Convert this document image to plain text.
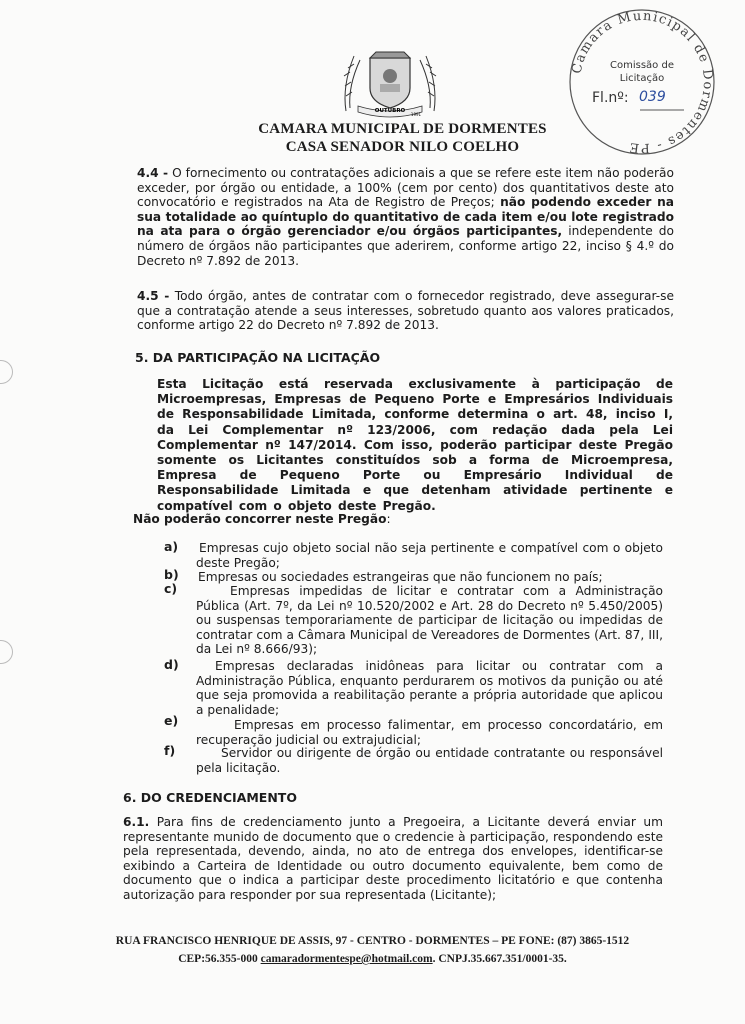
OUTUBRO
1991
CAMARA MUNICIPAL DE DORMENTES
CASA SENADOR NILO COELHO
Camara Municipal de Dormentes - PE
Comissão de
Licitação
Fl.nº: 039
4.4 - O fornecimento ou contratações adicionais a que se refere este item não poderão exceder, por órgão ou entidade, a 100% (cem por cento) dos quantitativos deste ato convocatório e registrados na Ata de Registro de Preços; não podendo exceder na sua totalidade ao quíntuplo do quantitativo de cada item e/ou lote registrado na ata para o órgão gerenciador e/ou órgãos participantes, independente do número de órgãos não participantes que aderirem, conforme artigo 22, inciso § 4.º do Decreto nº 7.892 de 2013.
4.5 - Todo órgão, antes de contratar com o fornecedor registrado, deve assegurar-se que a contratação atende a seus interesses, sobretudo quanto aos valores praticados, conforme artigo 22 do Decreto nº 7.892 de 2013.
5. DA PARTICIPAÇÃO NA LICITAÇÃO
Esta Licitação está reservada exclusivamente à participação de Microempresas, Empresas de Pequeno Porte e Empresários Individuais de Responsabilidade Limitada, conforme determina o art. 48, inciso I, da Lei Complementar nº 123/2006, com redação dada pela Lei Complementar nº 147/2014. Com isso, poderão participar deste Pregão somente os Licitantes constituídos sob a forma de Microempresa, Empresa de Pequeno Porte ou Empresário Individual de Responsabilidade Limitada e que detenham atividade pertinente e compatível com o objeto deste Pregão.
Não poderão concorrer neste Pregão:
a) Empresas cujo objeto social não seja pertinente e compatível com o objeto deste Pregão;
b) Empresas ou sociedades estrangeiras que não funcionem no país;
c)	Empresas impedidas de licitar e contratar com a Administração Pública (Art. 7º, da Lei nº 10.520/2002 e Art. 28 do Decreto nº 5.450/2005) ou suspensas temporariamente de participar de licitação ou impedidas de contratar com a Câmara Municipal de Vereadores de Dormentes (Art. 87, III, da Lei nº 8.666/93);
d)	Empresas declaradas inidôneas para licitar ou contratar com a Administração Pública, enquanto perdurarem os motivos da punição ou até que seja promovida a reabilitação perante a própria autoridade que aplicou a penalidade;
e)	Empresas em processo falimentar, em processo concordatário, em recuperação judicial ou extrajudicial;
f)	Servidor ou dirigente de órgão ou entidade contratante ou responsável pela licitação.
6. DO CREDENCIAMENTO
6.1. Para fins de credenciamento junto a Pregoeira, a Licitante deverá enviar um representante munido de documento que o credencie à participação, respondendo este pela representada, devendo, ainda, no ato de entrega dos envelopes, identificar-se exibindo a Carteira de Identidade ou outro documento equivalente, bem como de documento que o indica a participar deste procedimento licitatório e que contenha autorização para responder por sua representada (Licitante);
RUA FRANCISCO HENRIQUE DE ASSIS, 97 - CENTRO - DORMENTES – PE FONE: (87) 3865-1512
CEP:56.355-000 camaradormentespe@hotmail.com. CNPJ.35.667.351/0001-35.
